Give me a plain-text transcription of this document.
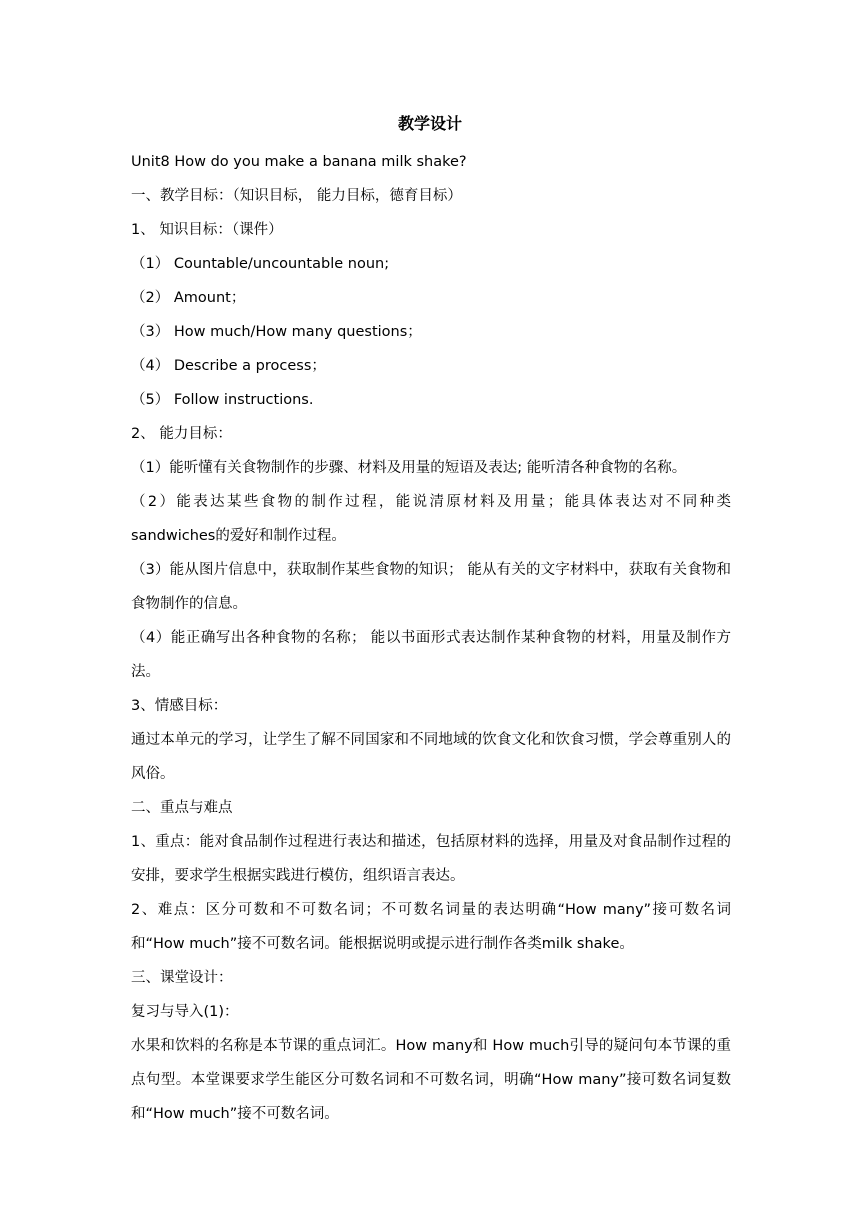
教学设计

Unit8 How do you make a banana milk shake?

一、教学目标：（知识目标， 能力目标，德育目标）

1、 知识目标：（课件）

（1） Countable/uncountable noun;

（2） Amount；

（3） How much/How many questions；

（4） Describe a process；

（5） Follow instructions.

2、 能力目标：

（1）能听懂有关食物制作的步骤、材料及用量的短语及表达; 能听清各种食物的名称。

（2）能表达某些食物的制作过程，能说清原材料及用量；能具体表达对不同种类sandwiches的爱好和制作过程。

（3）能从图片信息中，获取制作某些食物的知识； 能从有关的文字材料中，获取有关食物和食物制作的信息。

（4）能正确写出各种食物的名称； 能以书面形式表达制作某种食物的材料，用量及制作方法。

3、情感目标：

通过本单元的学习，让学生了解不同国家和不同地域的饮食文化和饮食习惯，学会尊重别人的风俗。

二、重点与难点

1、重点：能对食品制作过程进行表达和描述，包括原材料的选择，用量及对食品制作过程的安排，要求学生根据实践进行模仿，组织语言表达。

2、难点：区分可数和不可数名词；不可数名词量的表达明确“How many”接可数名词和“How much”接不可数名词。能根据说明或提示进行制作各类milk shake。

三、课堂设计：

复习与导入(1)：

水果和饮料的名称是本节课的重点词汇。How many和 How much引导的疑问句本节课的重点句型。本堂课要求学生能区分可数名词和不可数名词，明确“How many”接可数名词复数和“How much”接不可数名词。
